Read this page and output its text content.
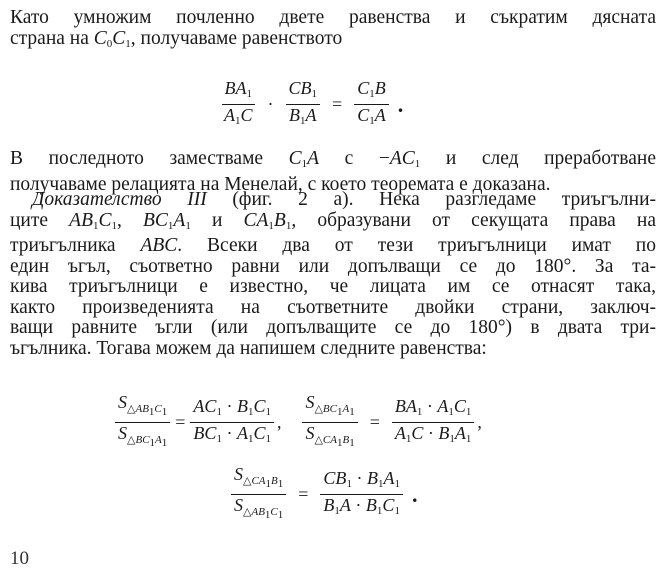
Като умножим почленно двете равенства и съкратим дясната
страна на $C_0C_1$, получаваме равенството
$\frac{BA_1}{A_1C} \cdot \frac{CB_1}{B_1A} = \frac{C_1B}{C_1A}$ .
В последното заместваме $C_1A$ $с -AC_1$ и след преработване
получаваме релацията на Менелай, с което теоремата е доказана.
Доказателство III (фиг. 2 а). Нека разгледаме триъгълни-
ците $AB_1C_1$, $BC_1A_1$ и $CA_1B_1$, образувани от секущата права на
триъгълника ABC. Всеки два от тези триъгълници имат по
един ъгъл, съответно равни или допълващи се до 180°. За та-
кива триъгълници е известно, че лицата им се отнасят така,
както произведенията на съответните двойки страни, заключ-
ващи равните ъгли (или допълващите се до 180°) в двата три-
ъгълника. Тогава можем да напишем следните равенства:
$\frac{S_{\triangle AB_1C_1}}{S_{\triangle BC_1A_1}} = \frac{AC_1 \cdot B_1C_1}{BC_1 \cdot A_1C_1}$ , $\frac{S_{\triangle BC_1A_1}}{S_{\triangle CA_1B_1}} = \frac{BA_1 \cdot A_1C_1}{A_1C \cdot B_1A_1}$ ,
$\frac{S_{\triangle CA_1B_1}}{S_{\triangle AB_1C_1}} = \frac{CB_1 \cdot B_1A_1}{B_1A \cdot B_1C_1}$ .
10
